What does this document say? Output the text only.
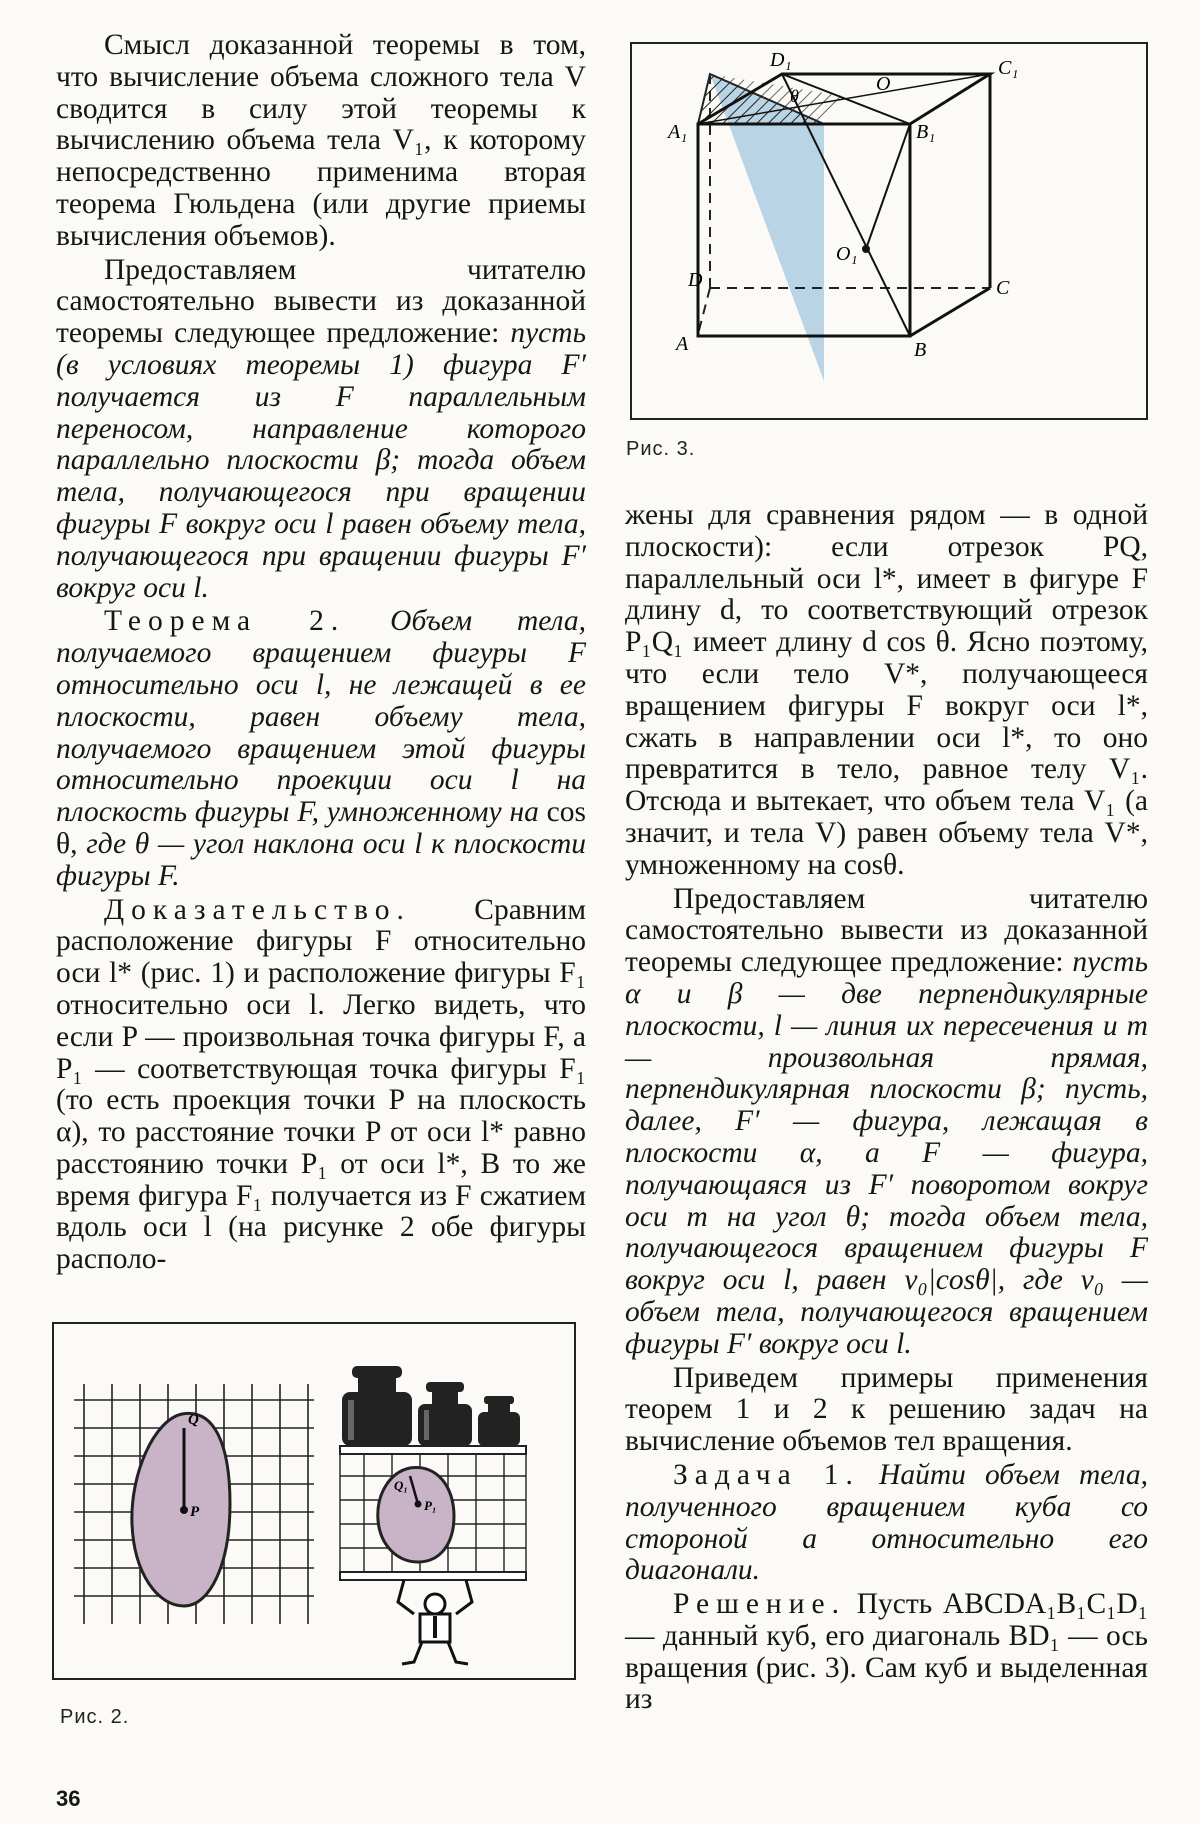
Смысл доказанной теоремы в том, что вычисление объема сложного тела V сводится в силу этой теоремы к вычислению объема тела V₁, к которому непосредственно применима вторая теорема Гюльдена (или другие приемы вычисления объемов).

Предоставляем читателю самостоятельно вывести из доказанной теоремы следующее предложение: пусть (в условиях теоремы 1) фигура F′ получается из F параллельным переносом, направление которого параллельно плоскости β; тогда объем тела, получающегося при вращении фигуры F вокруг оси l равен объему тела, получающегося при вращении фигуры F′ вокруг оси l.

Теорема 2. Объем тела, получаемого вращением фигуры F относительно оси l, не лежащей в ее плоскости, равен объему тела, получаемого вращением этой фигуры относительно проекции оси l на плоскость фигуры F, умноженному на cos θ, где θ — угол наклона оси l к плоскости фигуры F.

Доказательство. Сравним расположение фигуры F относительно оси l* (рис. 1) и расположение фигуры F₁ относительно оси l. Легко видеть, что если P — произвольная точка фигуры F, а P₁ — соответствующая точка фигуры F₁ (то есть проекция точки P на плоскость α), то расстояние точки P от оси l* равно расстоянию точки P₁ от оси l*, В то же время фигура F₁ получается из F сжатием вдоль оси l (на рисунке 2 обе фигуры располо-

D₁	C₁
O
θ
A₁	B₁
O₁
D	C
A	B
Рис. 3.

жены для сравнения рядом — в одной плоскости): если отрезок PQ, параллельный оси l*, имеет в фигуре F длину d, то соответствующий отрезок P₁Q₁ имеет длину d cos θ. Ясно поэтому, что если тело V*, получающееся вращением фигуры F вокруг оси l*, сжать в направлении оси l*, то оно превратится в тело, равное телу V₁. Отсюда и вытекает, что объем тела V₁ (а значит, и тела V) равен объему тела V*, умноженному на cosθ.

Предоставляем читателю самостоятельно вывести из доказанной теоремы следующее предложение: пусть α и β — две перпендикулярные плоскости, l — линия их пересечения и m — произвольная прямая, перпендикулярная плоскости β; пусть, далее, F′ — фигура, лежащая в плоскости α, а F — фигура, получающаяся из F′ поворотом вокруг оси m на угол θ; тогда объем тела, получающегося вращением фигуры F вокруг оси l, равен v₀|cosθ|, где v₀ — объем тела, получающегося вращением фигуры F′ вокруг оси l.

Приведем примеры применения теорем 1 и 2 к решению задач на вычисление объемов тел вращения.

Задача 1. Найти объем тела, полученного вращением куба со стороной a относительно его диагонали.

Решение. Пусть ABCDA₁B₁C₁D₁ — данный куб, его диагональ BD₁ — ось вращения (рис. 3). Сам куб и выделенная из

Q
P
Q₁
P₁
Рис. 2.
36
